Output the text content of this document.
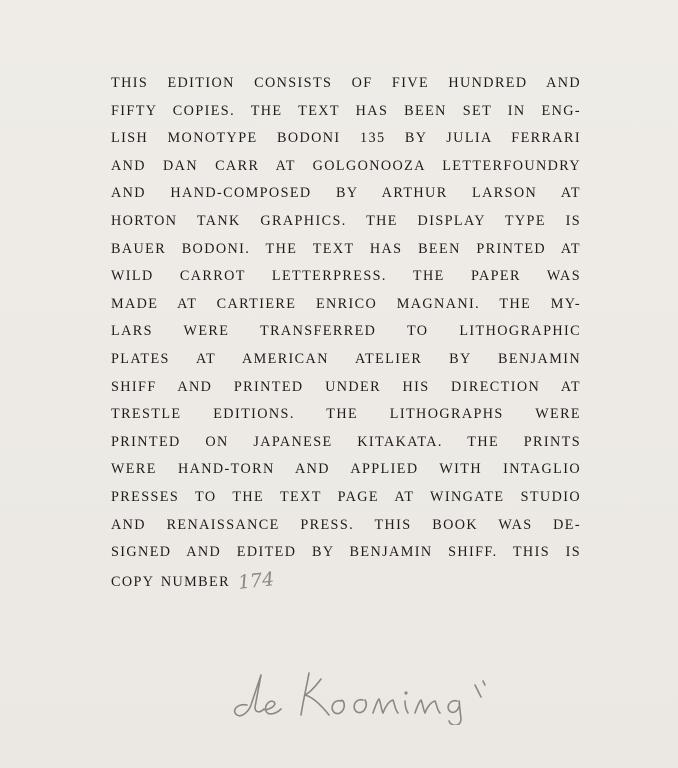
THIS EDITION CONSISTS OF FIVE HUNDRED AND
FIFTY COPIES. THE TEXT HAS BEEN SET IN ENG-
LISH MONOTYPE BODONI 135 BY JULIA FERRARI
AND DAN CARR AT GOLGONOOZA LETTERFOUNDRY
AND HAND-COMPOSED BY ARTHUR LARSON AT
HORTON TANK GRAPHICS. THE DISPLAY TYPE IS
BAUER BODONI. THE TEXT HAS BEEN PRINTED AT
WILD CARROT LETTERPRESS. THE PAPER WAS
MADE AT CARTIERE ENRICO MAGNANI. THE MY-
LARS WERE TRANSFERRED TO LITHOGRAPHIC
PLATES AT AMERICAN ATELIER BY BENJAMIN
SHIFF AND PRINTED UNDER HIS DIRECTION AT
TRESTLE EDITIONS. THE LITHOGRAPHS WERE
PRINTED ON JAPANESE KITAKATA. THE PRINTS
WERE HAND-TORN AND APPLIED WITH INTAGLIO
PRESSES TO THE TEXT PAGE AT WINGATE STUDIO
AND RENAISSANCE PRESS. THIS BOOK WAS DE-
SIGNED AND EDITED BY BENJAMIN SHIFF. THIS IS
COPY NUMBER 174
